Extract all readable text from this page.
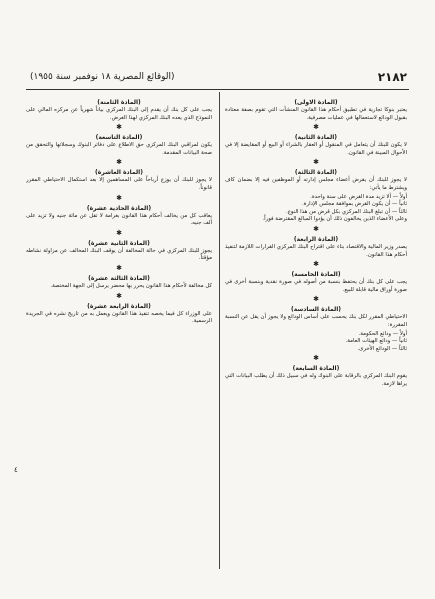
٢١٨٢
(الوقائع المصرية ١٨ نوفمبر سنة ١٩٥٥)
(المادة الاولى)
يعتبر بنوكا تجارية في تطبيق أحكام هذا القانون المنشآت التي تقوم بصفة معتادة بقبول الودائع لاستعمالها في عمليات مصرفية.
✱
(المادة الثانية)
لا يكون للبنك أن يتعامل في المنقول أو العقار بالشراء أو البيع أو المقايضة إلا في الأحوال المبينة في القانون.
✱
(المادة الثالثة)
لا يجوز للبنك أن يقرض أعضاء مجلس إدارته أو الموظفين فيه إلا بضمان كاف ويشترط ما يأتي:
أولاً — ألا تزيد مدة القرض على سنة واحدة.
ثانياً — أن يكون القرض بموافقة مجلس الإدارة.
ثالثاً — أن تبلغ البنك المركزي بكل قرض من هذا النوع.
وعلى الأعضاء الذين يخالفون ذلك أن يؤدوا المبالغ المقترضة فوراً.
✱
(المادة الرابعة)
يصدر وزير المالية والاقتصاد بناء على اقتراح البنك المركزي القرارات اللازمة لتنفيذ أحكام هذا القانون.
✱
(المادة الخامسة)
يجب على كل بنك أن يحتفظ بنسبة من أصوله في صورة نقدية وبنسبة أخرى في صورة أوراق مالية قابلة للبيع.
✱
(المادة السادسة)
الاحتياطي المقرر لكل بنك يحسب على أساس الودائع ولا يجوز أن يقل عن النسبة المقررة:
أولاً — ودائع الحكومة.
ثانياً — ودائع الهيئات العامة.
ثالثاً — الودائع الأخرى.
✱
(المادة السابعة)
يقوم البنك المركزي بالرقابة على البنوك وله في سبيل ذلك أن يطلب البيانات التي يراها لازمة.
(المادة الثامنة)
يجب على كل بنك أن يقدم إلى البنك المركزي بياناً شهرياً عن مركزه المالي على النموذج الذي يعده البنك المركزي لهذا الغرض.
✱
(المادة التاسعة)
يكون لمراقبي البنك المركزي حق الاطلاع على دفاتر البنوك وسجلاتها والتحقق من صحة البيانات المقدمة.
✱
(المادة العاشرة)
لا يجوز للبنك أن يوزع أرباحاً على المساهمين إلا بعد استكمال الاحتياطي المقرر قانوناً.
✱
(المادة الحادية عشرة)
يعاقب كل من يخالف أحكام هذا القانون بغرامة لا تقل عن مائة جنيه ولا تزيد على ألف جنيه.
✱
(المادة الثانية عشرة)
يجوز للبنك المركزي في حالة المخالفة أن يوقف البنك المخالف عن مزاولة نشاطه مؤقتاً.
✱
(المادة الثالثة عشرة)
كل مخالفة لأحكام هذا القانون يحرر بها محضر يرسل إلى الجهة المختصة.
✱
(المادة الرابعة عشرة)
على الوزراء كل فيما يخصه تنفيذ هذا القانون ويعمل به من تاريخ نشره في الجريدة الرسمية.
٤
